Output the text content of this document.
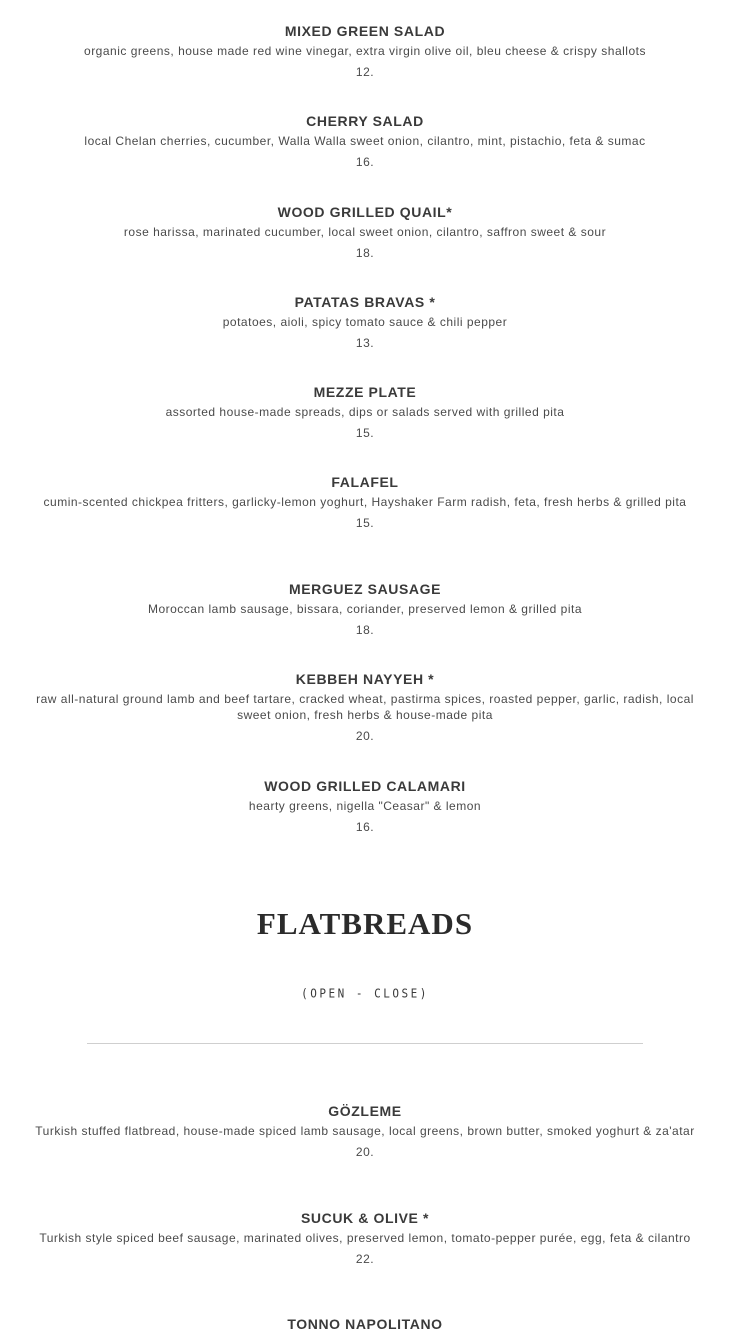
MIXED GREEN SALAD

organic greens, house made red wine vinegar, extra virgin olive oil, bleu cheese & crispy shallots

12.

CHERRY SALAD

local Chelan cherries, cucumber, Walla Walla sweet onion, cilantro, mint, pistachio, feta & sumac

16.

WOOD GRILLED QUAIL*

rose harissa, marinated cucumber, local sweet onion, cilantro, saffron sweet & sour

18.

PATATAS BRAVAS *

potatoes, aioli, spicy tomato sauce & chili pepper

13.

MEZZE PLATE

assorted house-made spreads, dips or salads served with grilled pita

15.

FALAFEL

cumin-scented chickpea fritters, garlicky-lemon yoghurt, Hayshaker Farm radish, feta, fresh herbs & grilled pita

15.

MERGUEZ SAUSAGE

Moroccan lamb sausage, bissara, coriander, preserved lemon & grilled pita

18.

KEBBEH NAYYEH *

raw all-natural ground lamb and beef tartare, cracked wheat, pastirma spices, roasted pepper, garlic, radish, local sweet onion, fresh herbs & house-made pita

20.

WOOD GRILLED CALAMARI

hearty greens, nigella "Ceasar" & lemon

16.

FLATBREADS

(OPEN - CLOSE)

GÖZLEME

Turkish stuffed flatbread, house-made spiced lamb sausage, local greens, brown butter, smoked yoghurt & za'atar

20.

SUCUK & OLIVE *

Turkish style spiced beef sausage, marinated olives, preserved lemon, tomato-pepper purée, egg, feta & cilantro

22.

TONNO NAPOLITANO
